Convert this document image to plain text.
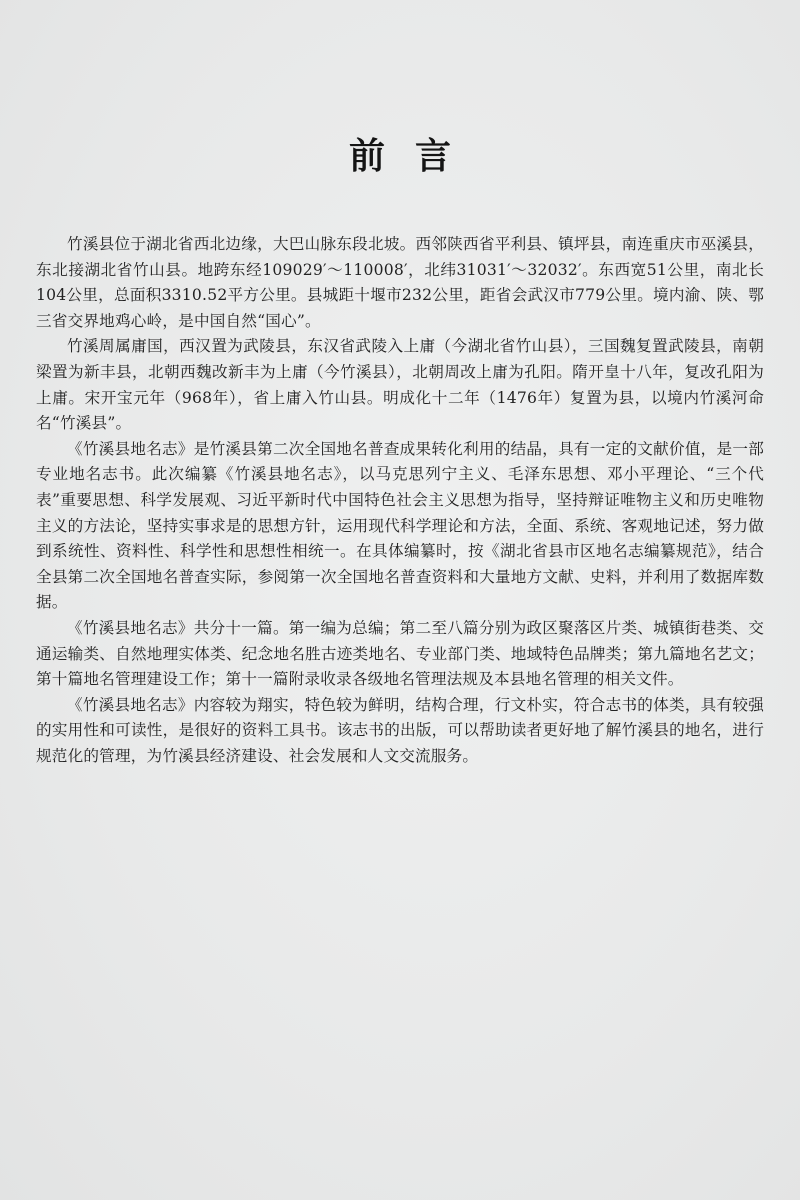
前言

竹溪县位于湖北省西北边缘，大巴山脉东段北坡。西邻陕西省平利县、镇坪县，南连重庆市巫溪县，东北接湖北省竹山县。地跨东经109029′～110008′，北纬31031′～32032′。东西宽51公里，南北长104公里，总面积3310.52平方公里。县城距十堰市232公里，距省会武汉市779公里。境内渝、陕、鄂三省交界地鸡心岭，是中国自然“国心”。

竹溪周属庸国，西汉置为武陵县，东汉省武陵入上庸（今湖北省竹山县），三国魏复置武陵县，南朝梁置为新丰县，北朝西魏改新丰为上庸（今竹溪县），北朝周改上庸为孔阳。隋开皇十八年，复改孔阳为上庸。宋开宝元年（968年），省上庸入竹山县。明成化十二年（1476年）复置为县，以境内竹溪河命名“竹溪县”。

《竹溪县地名志》是竹溪县第二次全国地名普查成果转化利用的结晶，具有一定的文献价值，是一部专业地名志书。此次编纂《竹溪县地名志》，以马克思列宁主义、毛泽东思想、邓小平理论、“三个代表”重要思想、科学发展观、习近平新时代中国特色社会主义思想为指导，坚持辩证唯物主义和历史唯物主义的方法论，坚持实事求是的思想方针，运用现代科学理论和方法，全面、系统、客观地记述，努力做到系统性、资料性、科学性和思想性相统一。在具体编纂时，按《湖北省县市区地名志编纂规范》，结合全县第二次全国地名普查实际，参阅第一次全国地名普查资料和大量地方文献、史料，并利用了数据库数据。

《竹溪县地名志》共分十一篇。第一编为总编；第二至八篇分别为政区聚落区片类、城镇街巷类、交通运输类、自然地理实体类、纪念地名胜古迹类地名、专业部门类、地域特色品牌类；第九篇地名艺文；第十篇地名管理建设工作；第十一篇附录收录各级地名管理法规及本县地名管理的相关文件。

《竹溪县地名志》内容较为翔实，特色较为鲜明，结构合理，行文朴实，符合志书的体类，具有较强的实用性和可读性，是很好的资料工具书。该志书的出版，可以帮助读者更好地了解竹溪县的地名，进行规范化的管理，为竹溪县经济建设、社会发展和人文交流服务。
